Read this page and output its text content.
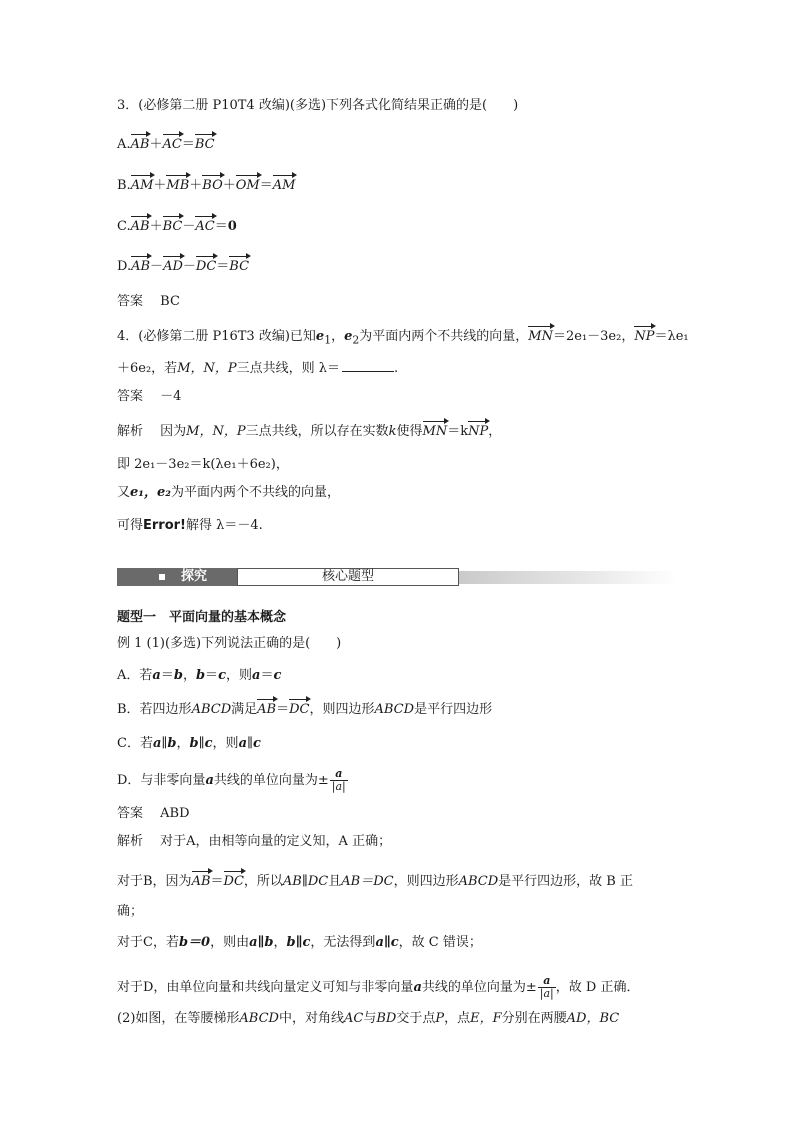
3．(必修第二册 P10T4 改编)(多选)下列各式化简结果正确的是(　　)
A.AB＋AC＝BC
B.AM＋MB＋BO＋OM＝AM
C.AB＋BC－AC＝0
D.AB－AD－DC＝BC
答案　 BC
4．(必修第二册 P16T3 改编)已知$e_1$，$e_2$为平面内两个不共线的向量，MN＝2e₁－3e₂，NP＝λe₁
＋6e₂，若M，N，P三点共线，则 λ＝	.
答案　 －4
解析　 因为M，N，P三点共线，所以存在实数k使得MN＝kNP，
即 2e₁－3e₂＝k(λe₁＋6e₂)，
又e₁，e₂为平面内两个不共线的向量，
可得Error!解得 λ＝－4.
探究	核心题型
题型一　平面向量的基本概念
例 1 (1)(多选)下列说法正确的是(　　)
A．若a＝b，b＝c，则a＝c
B．若四边形ABCD满足AB＝DC，则四边形ABCD是平行四边形
C．若a∥b，b∥c，则a∥c
D．与非零向量a共线的单位向量为± $\frac{a}{|a|}$
答案　 ABD
解析　 对于A，由相等向量的定义知，A 正确；
对于B，因为AB＝DC，所以AB∥DC且AB＝DC，则四边形ABCD是平行四边形，故 B 正
确；
对于C，若b＝0，则由a∥b，b∥c，无法得到a∥c，故 C 错误；
对于D，由单位向量和共线向量定义可知与非零向量a共线的单位向量为± $\frac{a}{|a|}$ ，故 D 正确．
(2)如图，在等腰梯形ABCD中，对角线AC与BD交于点P，点E，F分别在两腰AD，BC
